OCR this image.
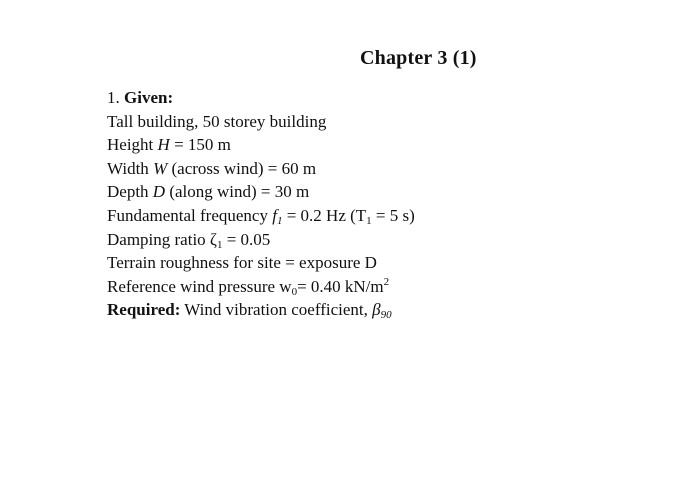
Chapter 3 (1)
1. Given:
Tall building, 50 storey building
Height H = 150 m
Width W (across wind) = 60 m
Depth D (along wind) = 30 m
Fundamental frequency $f_1 = 0.2$ Hz ($T_1 = 5$ s)
Damping ratio $\zeta_1 = 0.05$
Terrain roughness for site = exposure D
Reference wind pressure $w_0= 0.40$ $kN/m^2$
Required: Wind vibration coefficient, $\beta_{90}$
